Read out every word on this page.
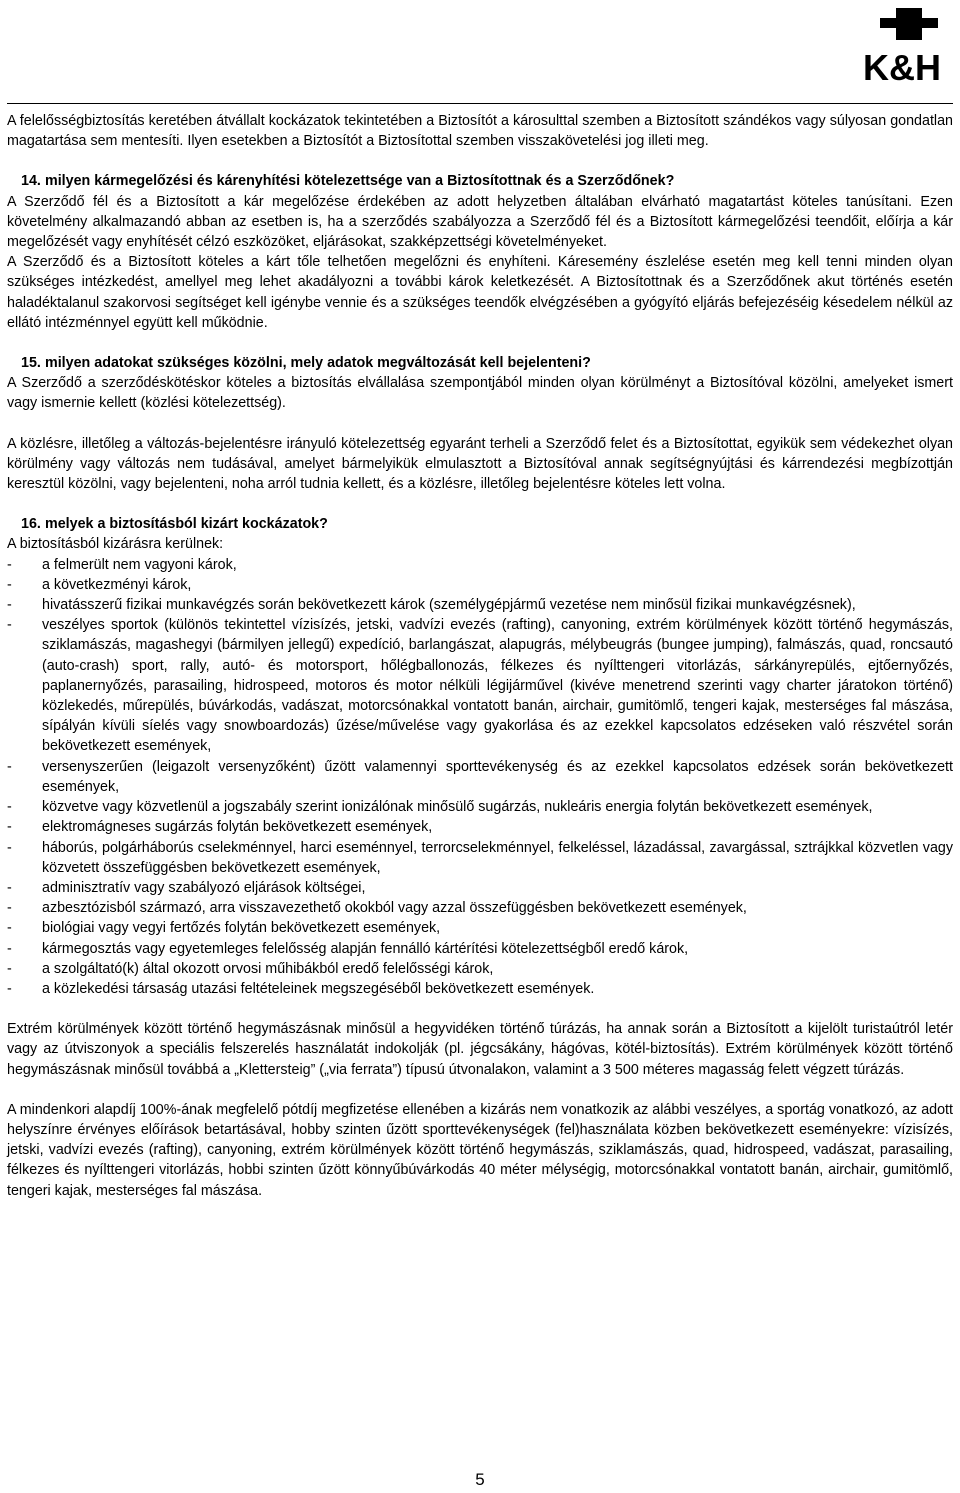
K&H

A felelősségbiztosítás keretében átvállalt kockázatok tekintetében a Biztosítót a károsulttal szemben a Biztosított szándékos vagy súlyosan gondatlan magatartása sem mentesíti. Ilyen esetekben a Biztosítót a Biztosítottal szemben visszakövetelési jog illeti meg.

14. milyen kármegelőzési és kárenyhítési kötelezettsége van a Biztosítottnak és a Szerződőnek?

A Szerződő fél és a Biztosított a kár megelőzése érdekében az adott helyzetben általában elvárható magatartást köteles tanúsítani. Ezen követelmény alkalmazandó abban az esetben is, ha a szerződés szabályozza a Szerződő fél és a Biztosított kármegelőzési teendőit, előírja a kár megelőzését vagy enyhítését célzó eszközöket, eljárásokat, szakképzettségi követelményeket.

A Szerződő és a Biztosított köteles a kárt tőle telhetően megelőzni és enyhíteni. Káresemény észlelése esetén meg kell tenni minden olyan szükséges intézkedést, amellyel meg lehet akadályozni a további károk keletkezését. A Biztosítottnak és a Szerződőnek akut történés esetén haladéktalanul szakorvosi segítséget kell igénybe vennie és a szükséges teendők elvégzésében a gyógyító eljárás befejezéséig késedelem nélkül az ellátó intézménnyel együtt kell működnie.

15. milyen adatokat szükséges közölni, mely adatok megváltozását kell bejelenteni?

A Szerződő a szerződéskötéskor köteles a biztosítás elvállalása szempontjából minden olyan körülményt a Biztosítóval közölni, amelyeket ismert vagy ismernie kellett (közlési kötelezettség).

A közlésre, illetőleg a változás-bejelentésre irányuló kötelezettség egyaránt terheli a Szerződő felet és a Biztosítottat, egyikük sem védekezhet olyan körülmény vagy változás nem tudásával, amelyet bármelyikük elmulasztott a Biztosítóval annak segítségnyújtási és kárrendezési megbízottján keresztül közölni, vagy bejelenteni, noha arról tudnia kellett, és a közlésre, illetőleg bejelentésre köteles lett volna.

16. melyek a biztosításból kizárt kockázatok?

A biztosításból kizárásra kerülnek:

- a felmerült nem vagyoni károk,
- a következményi károk,
- hivatásszerű fizikai munkavégzés során bekövetkezett károk (személygépjármű vezetése nem minősül fizikai munkavégzésnek),
- veszélyes sportok (különös tekintettel vízisízés, jetski, vadvízi evezés (rafting), canyoning, extrém körülmények között történő hegymászás, sziklamászás, magashegyi (bármilyen jellegű) expedíció, barlangászat, alapugrás, mélybeugrás (bungee jumping), falmászás, quad, roncsautó (auto-crash) sport, rally, autó- és motorsport, hőlégballonozás, félkezes és nyílttengeri vitorlázás, sárkányrepülés, ejtőernyőzés, paplanernyőzés, parasailing, hidrospeed, motoros és motor nélküli légijárművel (kivéve menetrend szerinti vagy charter járatokon történő) közlekedés, műrepülés, búvárkodás, vadászat, motorcsónakkal vontatott banán, airchair, gumitömlő, tengeri kajak, mesterséges fal mászása, sípályán kívüli síelés vagy snowboardozás) űzése/művelése vagy gyakorlása és az ezekkel kapcsolatos edzéseken való részvétel során bekövetkezett események,
- versenyszerűen (leigazolt versenyzőként) űzött valamennyi sporttevékenység és az ezekkel kapcsolatos edzések során bekövetkezett események,
- közvetve vagy közvetlenül a jogszabály szerint ionizálónak minősülő sugárzás, nukleáris energia folytán bekövetkezett események,
- elektromágneses sugárzás folytán bekövetkezett események,
- háborús, polgárháborús cselekménnyel, harci eseménnyel, terrorcselekménnyel, felkeléssel, lázadással, zavargással, sztrájkkal közvetlen vagy közvetett összefüggésben bekövetkezett események,
- adminisztratív vagy szabályozó eljárások költségei,
- azbesztózisból származó, arra visszavezethető okokból vagy azzal összefüggésben bekövetkezett események,
- biológiai vagy vegyi fertőzés folytán bekövetkezett események,
- kármegosztás vagy egyetemleges felelősség alapján fennálló kártérítési kötelezettségből eredő károk,
- a szolgáltató(k) által okozott orvosi műhibákból eredő felelősségi károk,
- a közlekedési társaság utazási feltételeinek megszegéséből bekövetkezett események.

Extrém körülmények között történő hegymászásnak minősül a hegyvidéken történő túrázás, ha annak során a Biztosított a kijelölt turistaútról letér vagy az útviszonyok a speciális felszerelés használatát indokolják (pl. jégcsákány, hágóvas, kötél-biztosítás). Extrém körülmények között történő hegymászásnak minősül továbbá a „Klettersteig” („via ferrata”) típusú útvonalakon, valamint a 3 500 méteres magasság felett végzett túrázás.

A mindenkori alapdíj 100%-ának megfelelő pótdíj megfizetése ellenében a kizárás nem vonatkozik az alábbi veszélyes, a sportág vonatkozó, az adott helyszínre érvényes előírások betartásával, hobby szinten űzött sporttevékenységek (fel)használata közben bekövetkezett eseményekre: vízisízés, jetski, vadvízi evezés (rafting), canyoning, extrém körülmények között történő hegymászás, sziklamászás, quad, hidrospeed, vadászat, parasailing, félkezes és nyílttengeri vitorlázás, hobbi szinten űzött könnyűbúvárkodás 40 méter mélységig, motorcsónakkal vontatott banán, airchair, gumitömlő, tengeri kajak, mesterséges fal mászása.

5
